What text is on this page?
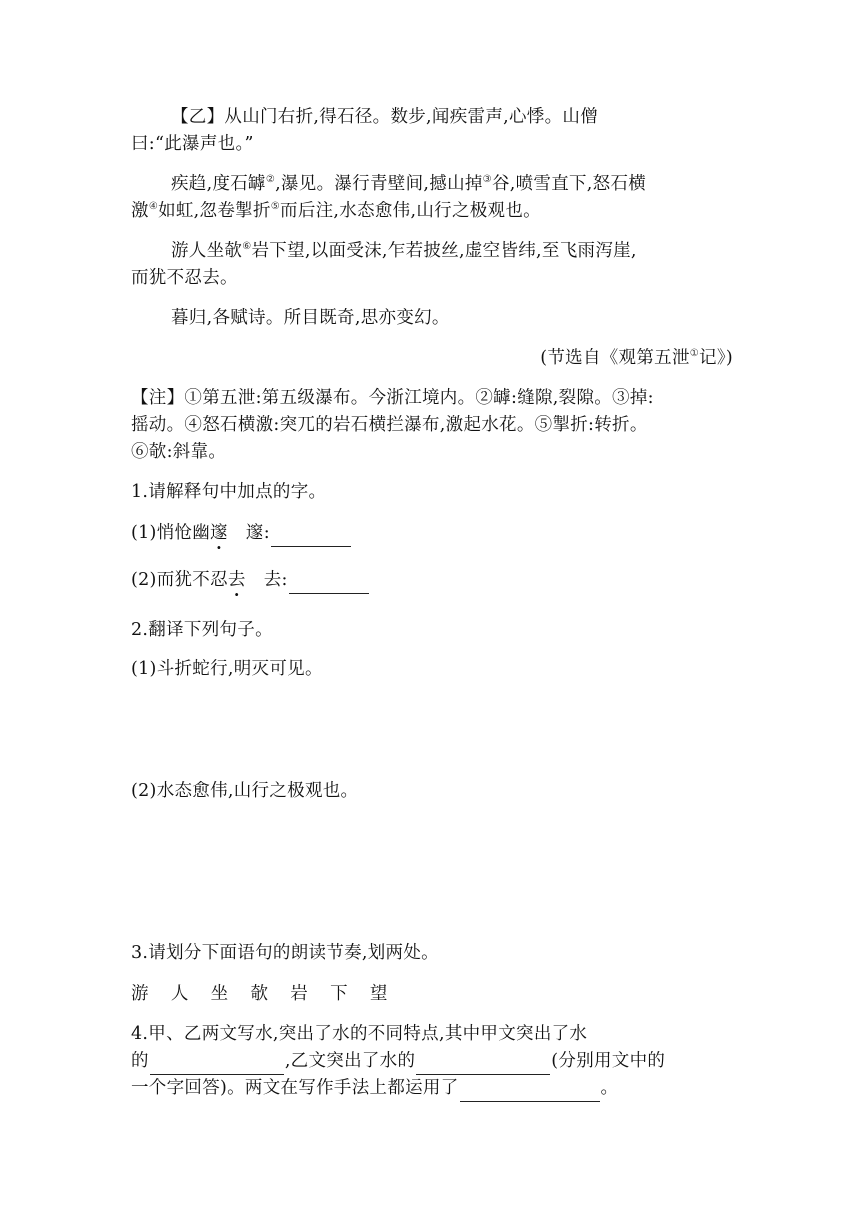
【乙】从山门右折,得石径。数步,闻疾雷声,心悸。山僧
曰:“此瀑声也。”
疾趋,度石罅②,瀑见。瀑行青壁间,撼山掉③谷,喷雪直下,怒石横
激④如虹,忽卷掣折⑤而后注,水态愈伟,山行之极观也。
游人坐欹⑥岩下望,以面受沫,乍若披丝,虚空皆纬,至飞雨泻崖,
而犹不忍去。
暮归,各赋诗。所目既奇,思亦变幻。
(节选自《观第五泄①记》)
【注】①第五泄:第五级瀑布。今浙江境内。②罅:缝隙,裂隙。③掉:
摇动。④怒石横激:突兀的岩石横拦瀑布,激起水花。⑤掣折:转折。
⑥欹:斜靠。
1.请解释句中加点的字。
(1)悄怆幽邃 邃:
(2)而犹不忍去 去:
2.翻译下列句子。
(1)斗折蛇行,明灭可见。
(2)水态愈伟,山行之极观也。
3.请划分下面语句的朗读节奏,划两处。
游 人 坐 欹 岩 下 望
4.甲、乙两文写水,突出了水的不同特点,其中甲文突出了水
的	,乙文突出了水的	(分别用文中的
一个字回答)。两文在写作手法上都运用了	。
